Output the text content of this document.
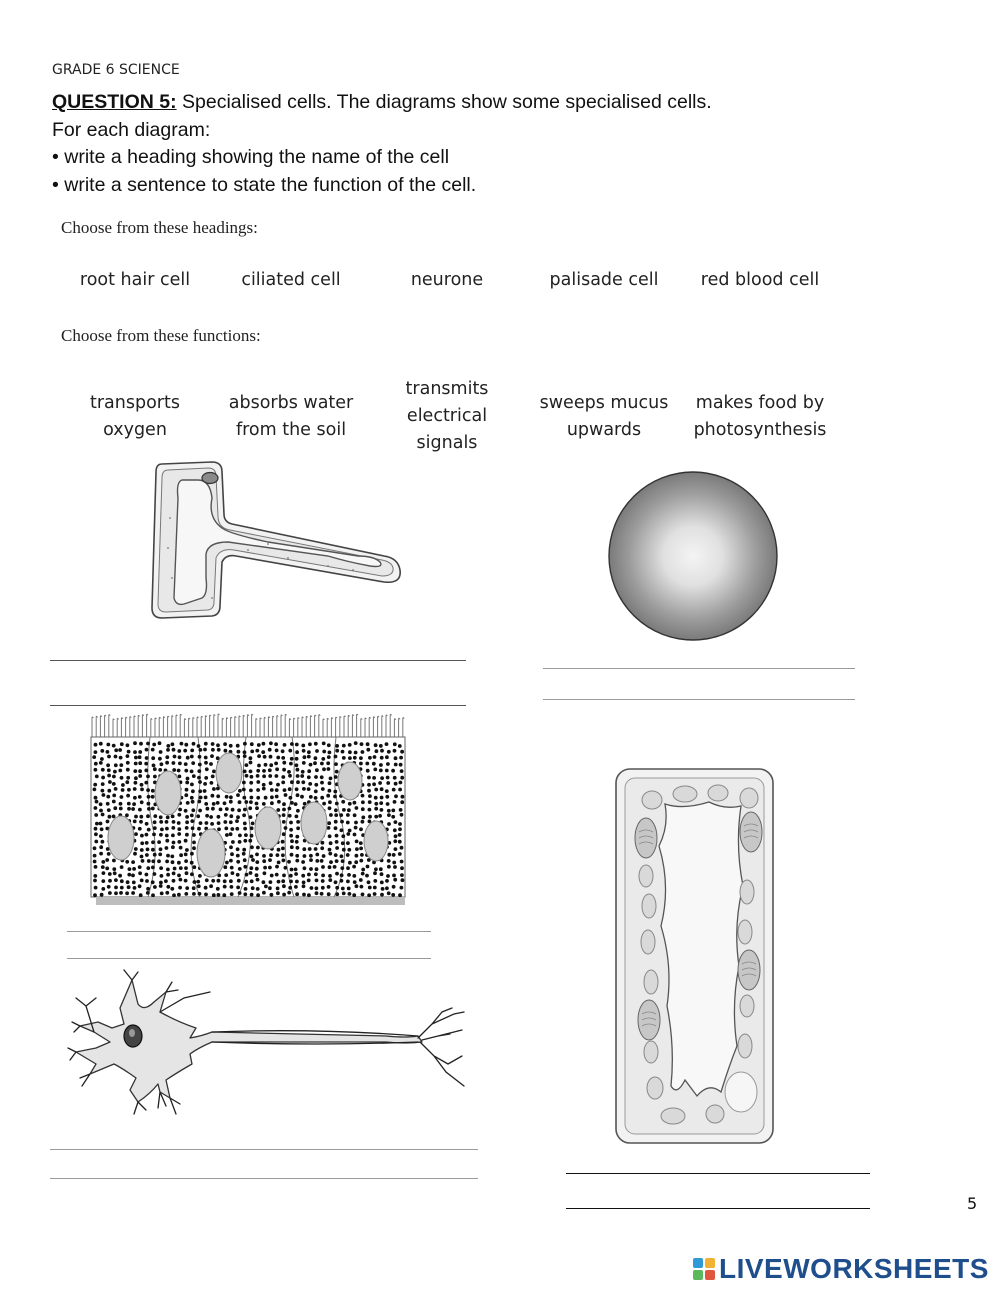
GRADE 6 SCIENCE
QUESTION 5: Specialised cells. The diagrams show some specialised cells.
For each diagram:
• write a heading showing the name of the cell
• write a sentence to state the function of the cell.
Choose from these headings:
root hair cell	ciliated cell	neurone	palisade cell	red blood cell
Choose from these functions:
transports
oxygen
absorbs water
from the soil
transmits
electrical
signals
sweeps mucus
upwards
makes food by
photosynthesis
5
LIVEWORKSHEETS
